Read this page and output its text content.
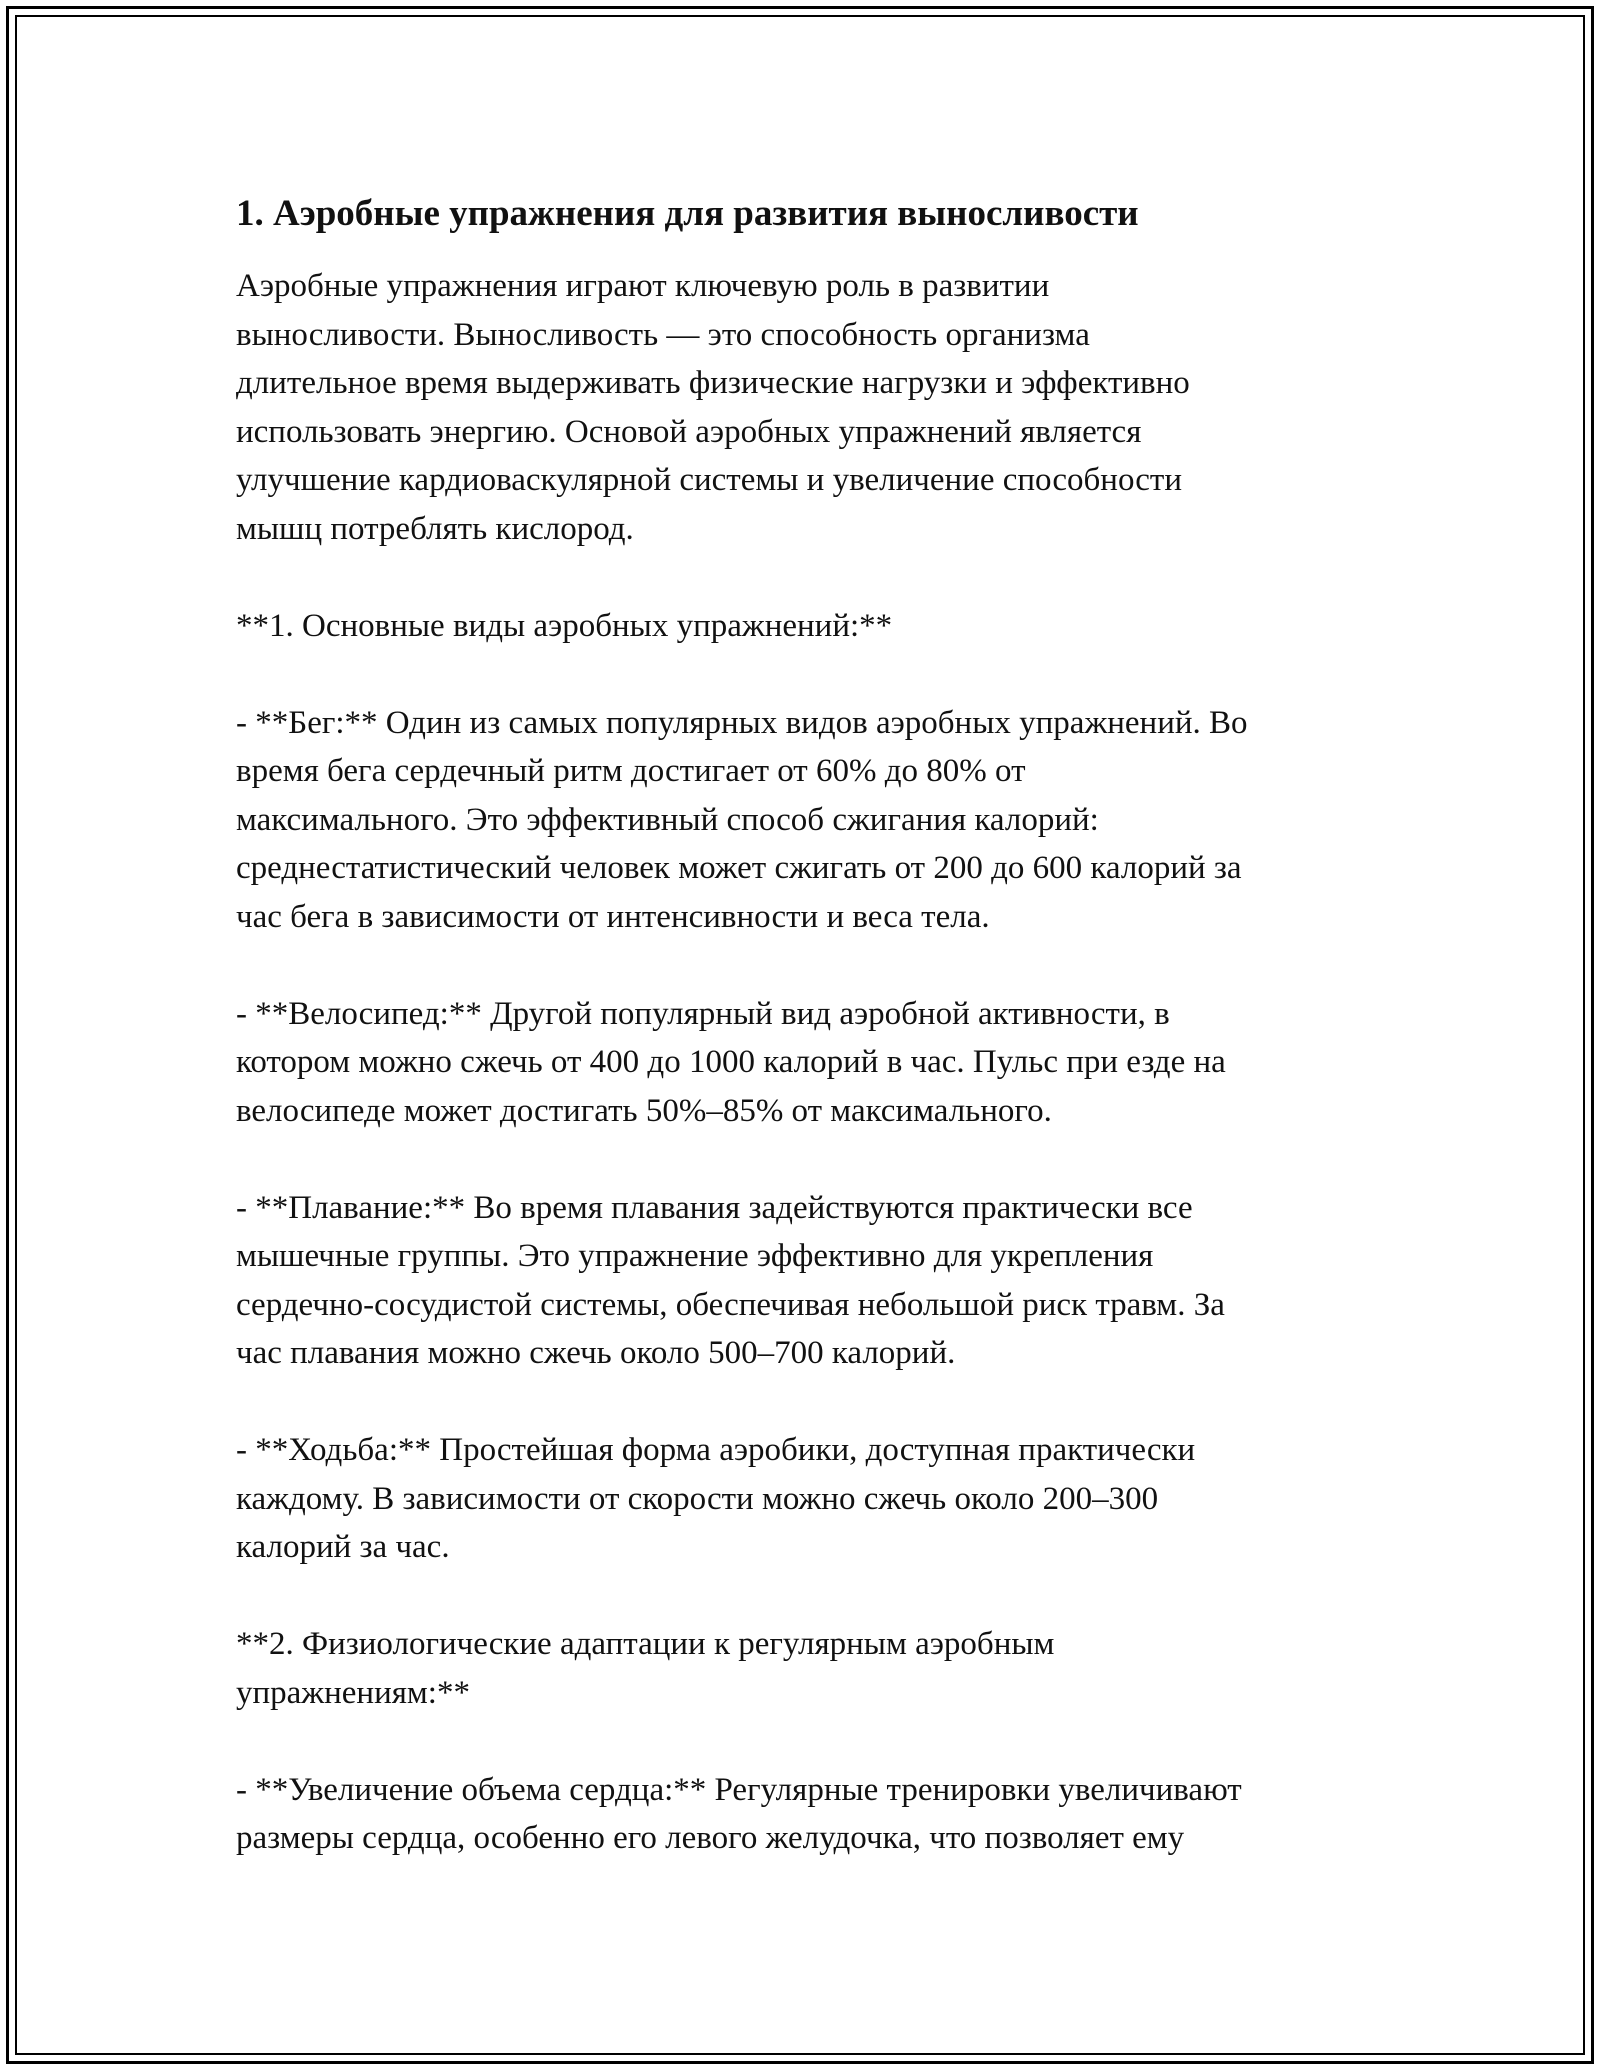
1. Аэробные упражнения для развития выносливости

Аэробные упражнения играют ключевую роль в развитии
выносливости. Выносливость — это способность организма
длительное время выдерживать физические нагрузки и эффективно
использовать энергию. Основой аэробных упражнений является
улучшение кардиоваскулярной системы и увеличение способности
мышц потреблять кислород.

**1. Основные виды аэробных упражнений:**

- **Бег:** Один из самых популярных видов аэробных упражнений. Во
время бега сердечный ритм достигает от 60% до 80% от
максимального. Это эффективный способ сжигания калорий:
среднестатистический человек может сжигать от 200 до 600 калорий за
час бега в зависимости от интенсивности и веса тела.

- **Велосипед:** Другой популярный вид аэробной активности, в
котором можно сжечь от 400 до 1000 калорий в час. Пульс при езде на
велосипеде может достигать 50%–85% от максимального.

- **Плавание:** Во время плавания задействуются практически все
мышечные группы. Это упражнение эффективно для укрепления
сердечно-сосудистой системы, обеспечивая небольшой риск травм. За
час плавания можно сжечь около 500–700 калорий.

- **Ходьба:** Простейшая форма аэробики, доступная практически
каждому. В зависимости от скорости можно сжечь около 200–300
калорий за час.

**2. Физиологические адаптации к регулярным аэробным
упражнениям:**

- **Увеличение объема сердца:** Регулярные тренировки увеличивают
размеры сердца, особенно его левого желудочка, что позволяет ему
